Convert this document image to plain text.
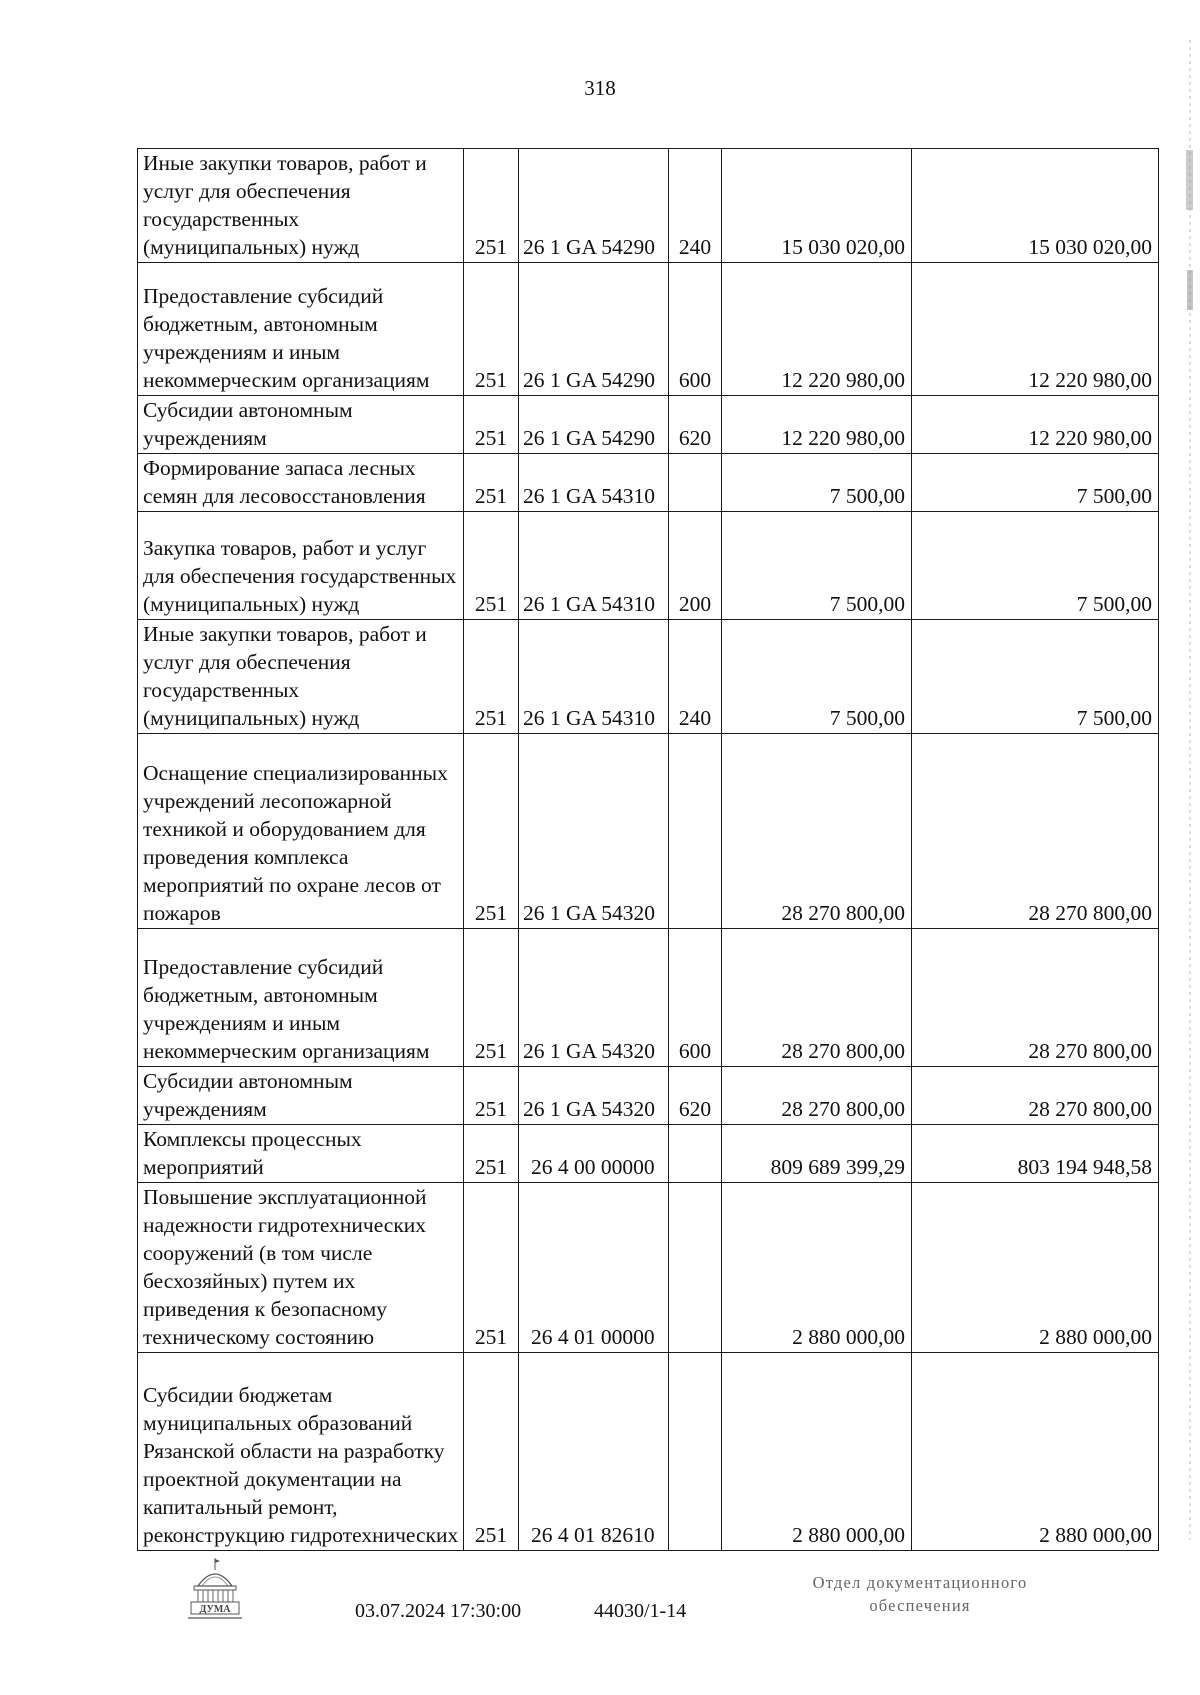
318
Иные закупки товаров, работ и услуг для обеспечения государственных (муниципальных) нужд	251	26 1 GA 54290	240	15 030 020,00	15 030 020,00
Предоставление субсидий бюджетным, автономным учреждениям и иным некоммерческим организациям	251	26 1 GA 54290	600	12 220 980,00	12 220 980,00
Субсидии автономным учреждениям	251	26 1 GA 54290	620	12 220 980,00	12 220 980,00
Формирование запаса лесных семян для лесовосстановления	251	26 1 GA 54310		7 500,00	7 500,00
Закупка товаров, работ и услуг для обеспечения государственных (муниципальных) нужд	251	26 1 GA 54310	200	7 500,00	7 500,00
Иные закупки товаров, работ и услуг для обеспечения государственных (муниципальных) нужд	251	26 1 GA 54310	240	7 500,00	7 500,00
Оснащение специализированных учреждений лесопожарной техникой и оборудованием для проведения комплекса мероприятий по охране лесов от пожаров	251	26 1 GA 54320		28 270 800,00	28 270 800,00
Предоставление субсидий бюджетным, автономным учреждениям и иным некоммерческим организациям	251	26 1 GA 54320	600	28 270 800,00	28 270 800,00
Субсидии автономным учреждениям	251	26 1 GA 54320	620	28 270 800,00	28 270 800,00
Комплексы процессных мероприятий	251	26 4 00 00000		809 689 399,29	803 194 948,58
Повышение эксплуатационной надежности гидротехнических сооружений (в том числе бесхозяйных) путем их приведения к безопасному техническому состоянию	251	26 4 01 00000		2 880 000,00	2 880 000,00
Субсидии бюджетам муниципальных образований Рязанской области на разработку проектной документации на капитальный ремонт, реконструкцию гидротехнических	251	26 4 01 82610		2 880 000,00	2 880 000,00
ДУМА	03.07.2024 17:30:00	44030/1-14
Отдел документационного
обеспечения
